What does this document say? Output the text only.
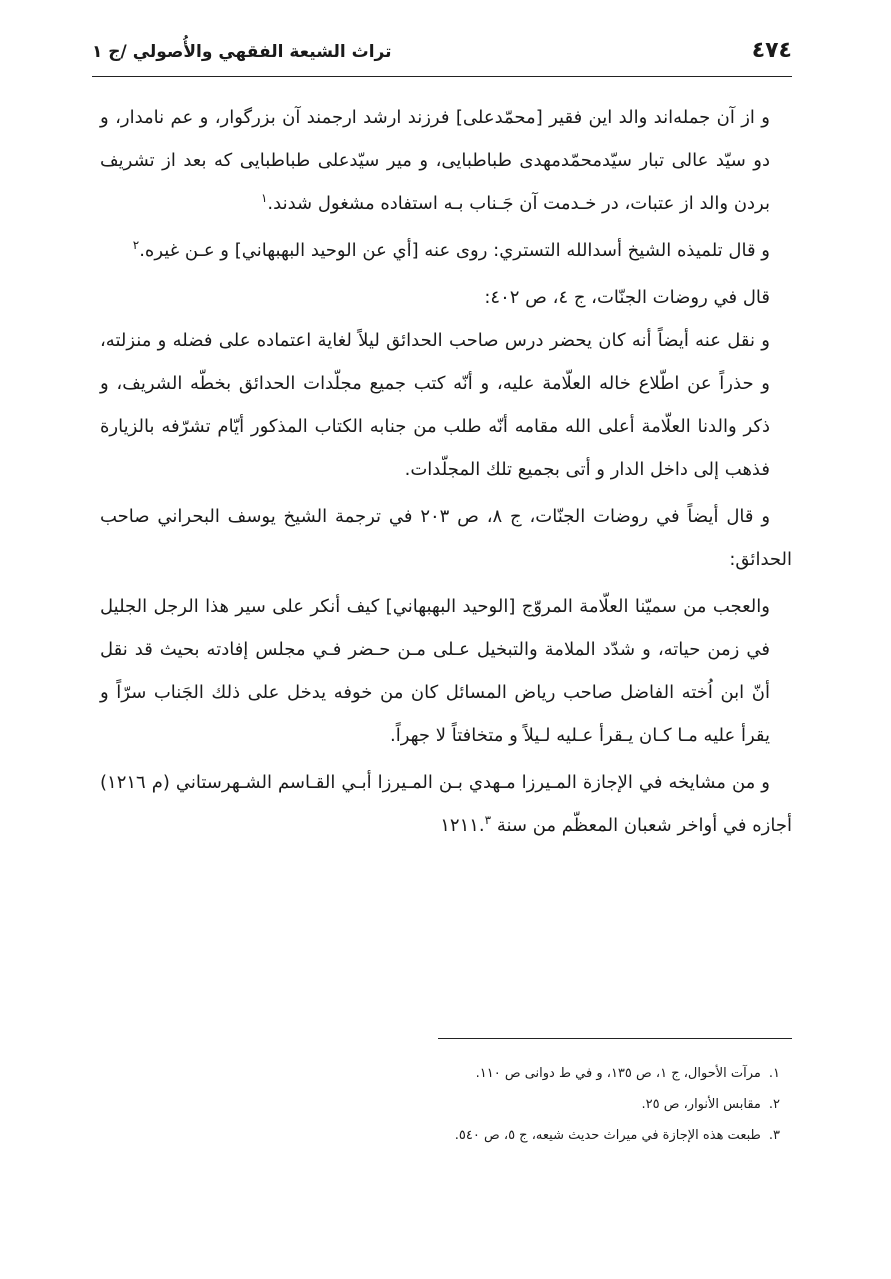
٤٧٤
تراث الشيعة الفقهي والأُصولي /ج ١

و از آن جمله‌اند والد این فقیر [محمّدعلی] فرزند ارشد ارجمند آن بزرگوار، و عم نامدار، و دو سیّد عالی تبار سیّدمحمّدمهدی طباطبایی، و میر سیّدعلی طباطبایی که بعد از تشریف بردن والد از عتبات، در خـدمت آن جَـناب بـه استفاده مشغول شدند.$^١$

و قال تلميذه الشيخ أسدالله التستري: روى عنه [أي عن الوحيد البهبهاني] و عـن غيره.$^٢$

قال في روضات الجنّات، ج ٤، ص ٤٠٢:

و نقل عنه أيضاً أنه كان يحضر درس صاحب الحدائق ليلاً لغاية اعتماده على فضله و منزلته، و حذراً عن اطّلاع خاله العلّامة عليه، و أنّه كتب جميع مجلّدات الحدائق بخطّه الشريف، و ذكر والدنا العلّامة أعلى الله مقامه أنّه طلب من جنابه الكتاب المذكور أيّام تشرّفه بالزيارة فذهب إلى داخل الدار و أتى بجميع تلك المجلّدات.

و قال أيضاً في روضات الجنّات، ج ٨، ص ٢٠٣ في ترجمة الشيخ يوسف البحراني صاحب الحدائق:

والعجب من سميّنا العلّامة المروّج [الوحيد البهبهاني] كيف أنكر على سير هذا الرجل الجليل في زمن حياته، و شدّد الملامة والتبخيل عـلى مـن حـضر فـي مجلس إفادته بحيث قد نقل أنّ ابن اُخته الفاضل صاحب رياض المسائل كان من خوفه يدخل على ذلك الجَناب سرّاً و يقرأ عليه مـا كـان يـقرأ عـليه لـيلاً و متخافتاً لا جهراً.

و من مشايخه في الإجازة المـيرزا مـهدي بـن المـيرزا أبـي القـاسم الشـهرستاني (م ١٢١٦) أجازه في أواخر شعبان المعظّم من سنة ١٢١١.$^٣$

١.مرآت الأحوال، ج ١، ص ١٣٥، و في ط دوانی ص ١١٠.

٢.مقابس الأنوار، ص ٢٥.

٣.طبعت هذه الإجازة في ميراث حديث شيعه، ج ٥، ص ٥٤٠.
